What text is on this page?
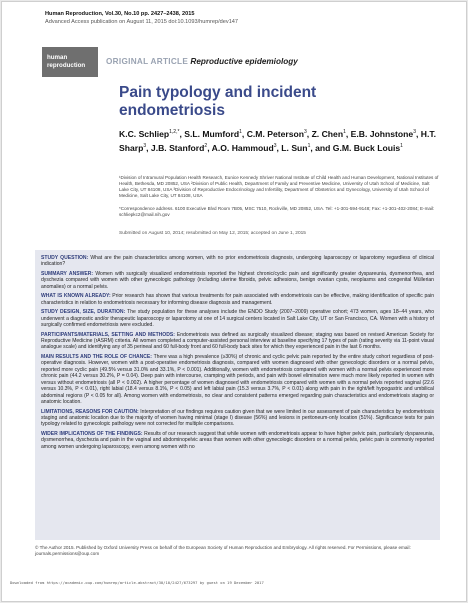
Human Reproduction, Vol.30, No.10 pp. 2427–2438, 2015
Advanced Access publication on August 11, 2015 doi:10.1093/humrep/dev147
human
reproduction	ORIGINAL ARTICLE Reproductive epidemiology
Pain typology and incident endometriosis
K.C. Schliep$^{1,2,*}$, S.L. Mumford$^1$, C.M. Peterson$^3$, Z. Chen$^1$, E.B. Johnstone$^3$, H.T. Sharp$^3$, J.B. Stanford$^2$, A.O. Hammoud$^3$, L. Sun$^1$, and G.M. Buck Louis$^1$
¹Division of Intramural Population Health Research, Eunice Kennedy Shriver National Institute of Child Health and Human Development, National Institutes of Health, Bethesda, MD 20852, USA ²Division of Public Health, Department of Family and Preventive Medicine, University of Utah School of Medicine, Salt Lake City, UT 84108, USA ³Division of Reproductive Endocrinology and Infertility, Department of Obstetrics and Gynecology, University of Utah School of Medicine, Salt Lake City, UT 84108, USA
*Correspondence address. 6100 Executive Blvd Room 7B05, MSC 7510, Rockville, MD 20852, USA. Tel: +1-301-594-9148; Fax: +1-301-402-2084; E-mail: schliepkc2@mail.nih.gov
Submitted on August 10, 2014; resubmitted on May 12, 2015; accepted on June 1, 2015

STUDY QUESTION: What are the pain characteristics among women, with no prior endometriosis diagnosis, undergoing laparoscopy or laparotomy regardless of clinical indication?

SUMMARY ANSWER: Women with surgically visualized endometriosis reported the highest chronic/cyclic pain and significantly greater dyspareunia, dysmenorrhea, and dyschezia compared with women with other gynecologic pathology (including uterine fibroids, pelvic adhesions, benign ovarian cysts, neoplasms and congenital Müllerian anomalies) or a normal pelvis.

WHAT IS KNOWN ALREADY: Prior research has shown that various treatments for pain associated with endometriosis can be effective, making identification of specific pain characteristics in relation to endometriosis necessary for informing disease diagnosis and management.

STUDY DESIGN, SIZE, DURATION: The study population for these analyses include the ENDO Study (2007–2009) operative cohort; 473 women, ages 18–44 years, who underwent a diagnostic and/or therapeutic laparoscopy or laparotomy at one of 14 surgical centers located in Salt Lake City, UT or San Francisco, CA. Women with a history of surgically confirmed endometriosis were excluded.

PARTICIPANTS/MATERIALS, SETTING AND METHODS: Endometriosis was defined as surgically visualized disease; staging was based on revised American Society for Reproductive Medicine (rASRM) criteria. All women completed a computer-assisted personal interview at baseline specifying 17 types of pain (rating severity via 11-point visual analogue scale) and identifying any of 35 perineal and 60 full-body front and 60 full-body back sites for which they experienced pain in the last 6 months.

MAIN RESULTS AND THE ROLE OF CHANCE: There was a high prevalence (≥30%) of chronic and cyclic pelvic pain reported by the entire study cohort regardless of post-operative diagnosis. However, women with a post-operative endometriosis diagnosis, compared with women diagnosed with other gynecologic disorders or a normal pelvis, reported more cyclic pain (49.5% versus 31.0% and 33.1%, P < 0.001). Additionally, women with endometriosis compared with women with a normal pelvis experienced more chronic pain (44.2 versus 30.2%, P = 0.04). Deep pain with intercourse, cramping with periods, and pain with bowel elimination were much more likely reported in women with versus without endometriosis (all P < 0.002). A higher percentage of women diagnosed with endometriosis compared with women with a normal pelvis reported vaginal (22.6 versus 10.3%, P < 0.01), right labial (18.4 versus 8.1%, P < 0.05) and left labial pain (15.3 versus 3.7%, P < 0.01) along with pain in the right/left hypogastric and umbilical abdominal regions (P < 0.05 for all). Among women with endometriosis, no clear and consistent patterns emerged regarding pain characteristics and endometriosis staging or anatomic location.

LIMITATIONS, REASONS FOR CAUTION: Interpretation of our findings requires caution given that we were limited in our assessment of pain characteristics by endometriosis staging and anatomic location due to the majority of women having minimal (stage I) disease (56%) and lesions in peritoneum-only location (51%). Significance tests for pain typology related to gynecologic pathology were not corrected for multiple comparisons.

WIDER IMPLICATIONS OF THE FINDINGS: Results of our research suggest that while women with endometriosis appear to have higher pelvic pain, particularly dyspareunia, dysmenorrhea, dyschezia and pain in the vaginal and abdominopelvic areas than women with other gynecologic disorders or a normal pelvis, pelvic pain is commonly reported among women undergoing laparoscopy, even among women with no

© The Author 2015. Published by Oxford University Press on behalf of the European Society of Human Reproduction and Embryology. All rights reserved. For Permissions, please email: journals.permissions@oup.com
Downloaded from https://academic.oup.com/humrep/article-abstract/30/10/2427/673297 by guest on 19 December 2017
